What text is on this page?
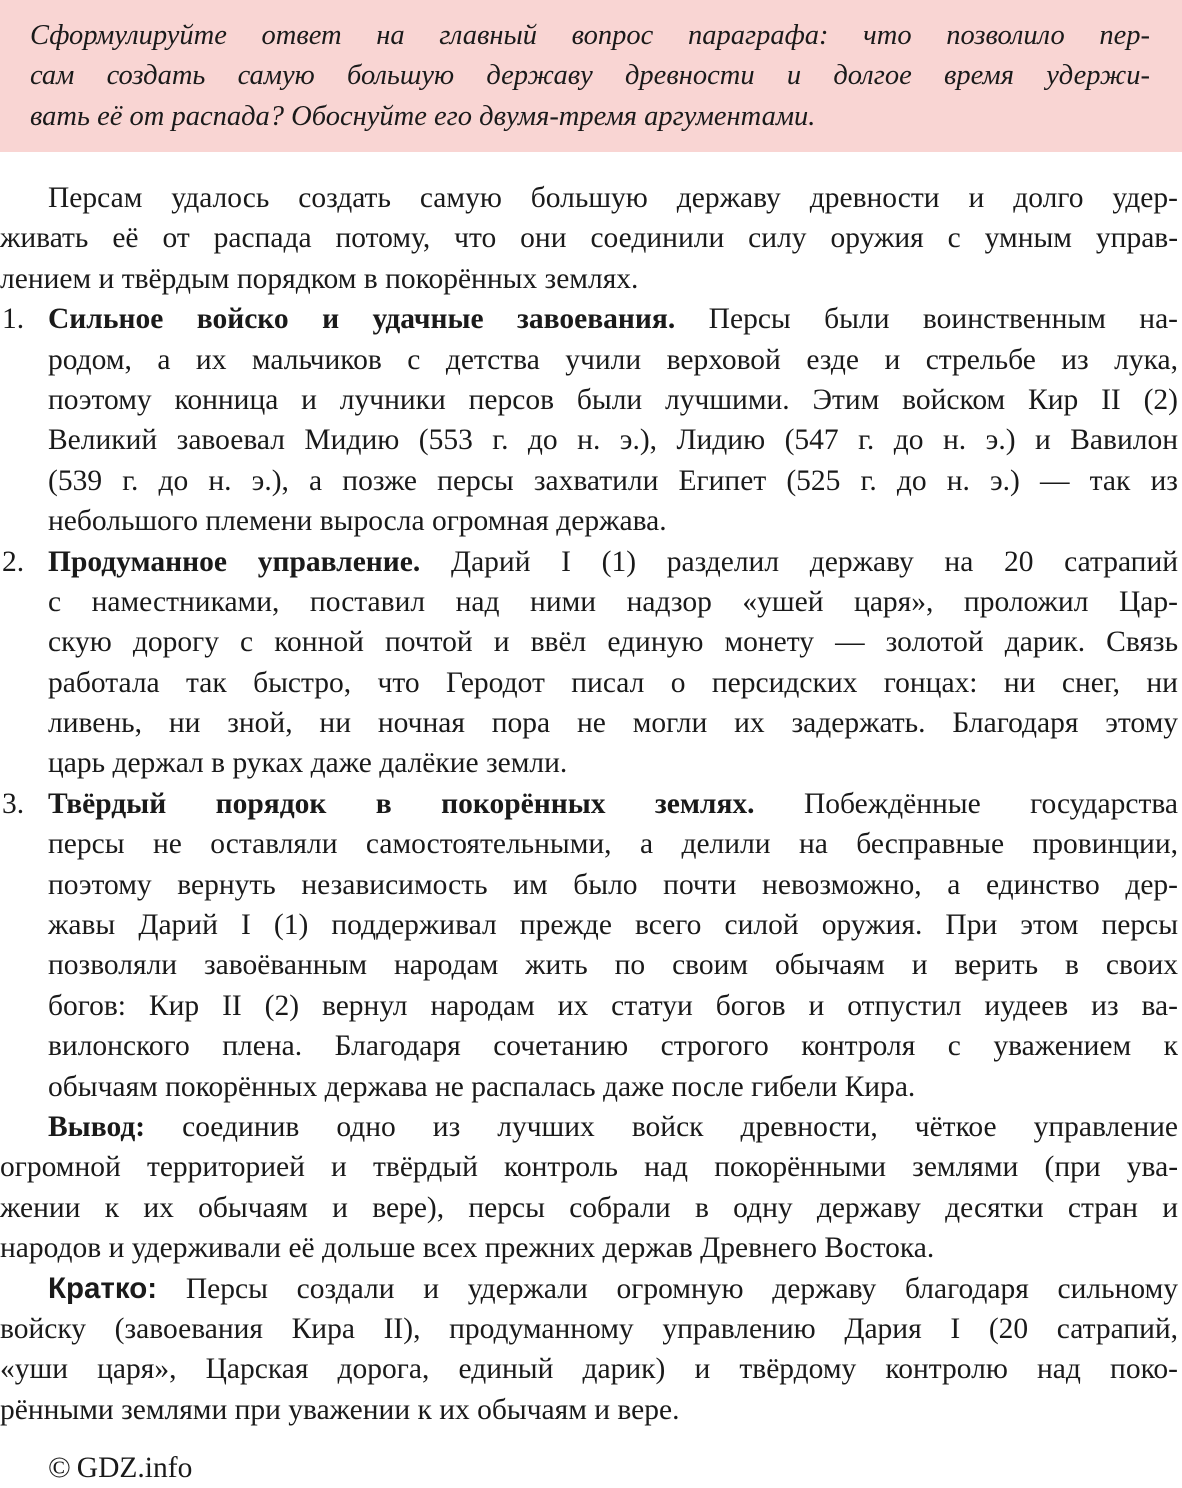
Сформулируйте ответ на главный вопрос параграфа: что позволило пер-
сам создать самую большую державу древности и долгое время удержи-
вать её от распада? Обоснуйте его двумя-тремя аргументами.
Персам удалось создать самую большую державу древности и долго удер-
живать её от распада потому, что они соединили силу оружия с умным управ-
лением и твёрдым порядком в покорённых землях.
1. Сильное войско и удачные завоевания. Персы были воинственным на-
родом, а их мальчиков с детства учили верховой езде и стрельбе из лука,
поэтому конница и лучники персов были лучшими. Этим войском Кир II (2)
Великий завоевал Мидию (553 г. до н. э.), Лидию (547 г. до н. э.) и Вавилон
(539 г. до н. э.), а позже персы захватили Египет (525 г. до н. э.) — так из
небольшого племени выросла огромная держава.
2. Продуманное управление. Дарий I (1) разделил державу на 20 сатрапий
с наместниками, поставил над ними надзор «ушей царя», проложил Цар-
скую дорогу с конной почтой и ввёл единую монету — золотой дарик. Связь
работала так быстро, что Геродот писал о персидских гонцах: ни снег, ни
ливень, ни зной, ни ночная пора не могли их задержать. Благодаря этому
царь держал в руках даже далёкие земли.
3. Твёрдый порядок в покорённых землях. Побеждённые государства
персы не оставляли самостоятельными, а делили на бесправные провинции,
поэтому вернуть независимость им было почти невозможно, а единство дер-
жавы Дарий I (1) поддерживал прежде всего силой оружия. При этом персы
позволяли завоёванным народам жить по своим обычаям и верить в своих
богов: Кир II (2) вернул народам их статуи богов и отпустил иудеев из ва-
вилонского плена. Благодаря сочетанию строгого контроля с уважением к
обычаям покорённых держава не распалась даже после гибели Кира.
Вывод: соединив одно из лучших войск древности, чёткое управление
огромной территорией и твёрдый контроль над покорёнными землями (при ува-
жении к их обычаям и вере), персы собрали в одну державу десятки стран и
народов и удерживали её дольше всех прежних держав Древнего Востока.
Кратко: Персы создали и удержали огромную державу благодаря сильному
войску (завоевания Кира II), продуманному управлению Дария I (20 сатрапий,
«уши царя», Царская дорога, единый дарик) и твёрдому контролю над поко-
рёнными землями при уважении к их обычаям и вере.
© GDZ.info
